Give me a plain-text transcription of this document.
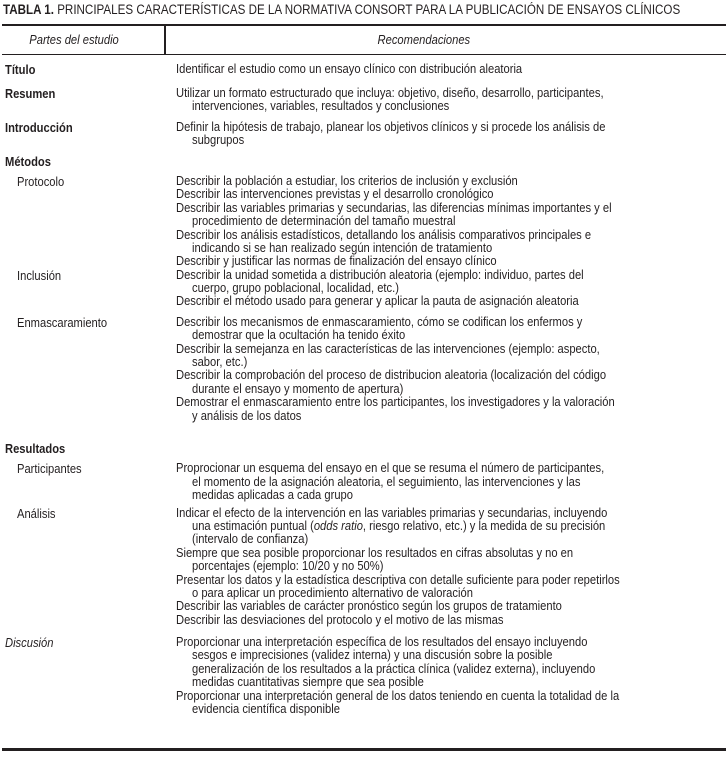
TABLA 1. PRINCIPALES CARACTERÍSTICAS DE LA NORMATIVA CONSORT PARA LA PUBLICACIÓN DE ENSAYOS CLÍNICOS
Partes del estudio	Recomendaciones
Título	Identificar el estudio como un ensayo clínico con distribución aleatoria
Resumen	Utilizar un formato estructurado que incluya: objetivo, diseño, desarrollo, participantes,
intervenciones, variables, resultados y conclusiones
Introducción	Definir la hipótesis de trabajo, planear los objetivos clínicos y si procede los análisis de
subgrupos
Métodos
Protocolo	Describir la población a estudiar, los criterios de inclusión y exclusión
Describir las intervenciones previstas y el desarrollo cronológico
Describir las variables primarias y secundarias, las diferencias mínimas importantes y el
procedimiento de determinación del tamaño muestral
Describir los análisis estadísticos, detallando los análisis comparativos principales e
indicando si se han realizado según intención de tratamiento
Describir y justificar las normas de finalización del ensayo clínico
Inclusión	Describir la unidad sometida a distribución aleatoria (ejemplo: individuo, partes del
cuerpo, grupo poblacional, localidad, etc.)
Describir el método usado para generar y aplicar la pauta de asignación aleatoria
Enmascaramiento	Describir los mecanismos de enmascaramiento, cómo se codifican los enfermos y
demostrar que la ocultación ha tenido éxito
Describir la semejanza en las características de las intervenciones (ejemplo: aspecto,
sabor, etc.)
Describir la comprobación del proceso de distribucion aleatoria (localización del código
durante el ensayo y momento de apertura)
Demostrar el enmascaramiento entre los participantes, los investigadores y la valoración
y análisis de los datos
Resultados
Participantes	Proprocionar un esquema del ensayo en el que se resuma el número de participantes,
el momento de la asignación aleatoria, el seguimiento, las intervenciones y las
medidas aplicadas a cada grupo
Análisis	Indicar el efecto de la intervención en las variables primarias y secundarias, incluyendo
una estimación puntual (odds ratio, riesgo relativo, etc.) y la medida de su precisión
(intervalo de confianza)
Siempre que sea posible proporcionar los resultados en cifras absolutas y no en
porcentajes (ejemplo: 10/20 y no 50%)
Presentar los datos y la estadística descriptiva con detalle suficiente para poder repetirlos
o para aplicar un procedimiento alternativo de valoración
Describir las variables de carácter pronóstico según los grupos de tratamiento
Describir las desviaciones del protocolo y el motivo de las mismas
Discusión	Proporcionar una interpretación específica de los resultados del ensayo incluyendo
sesgos e imprecisiones (validez interna) y una discusión sobre la posible
generalización de los resultados a la práctica clínica (validez externa), incluyendo
medidas cuantitativas siempre que sea posible
Proporcionar una interpretación general de los datos teniendo en cuenta la totalidad de la
evidencia científica disponible
